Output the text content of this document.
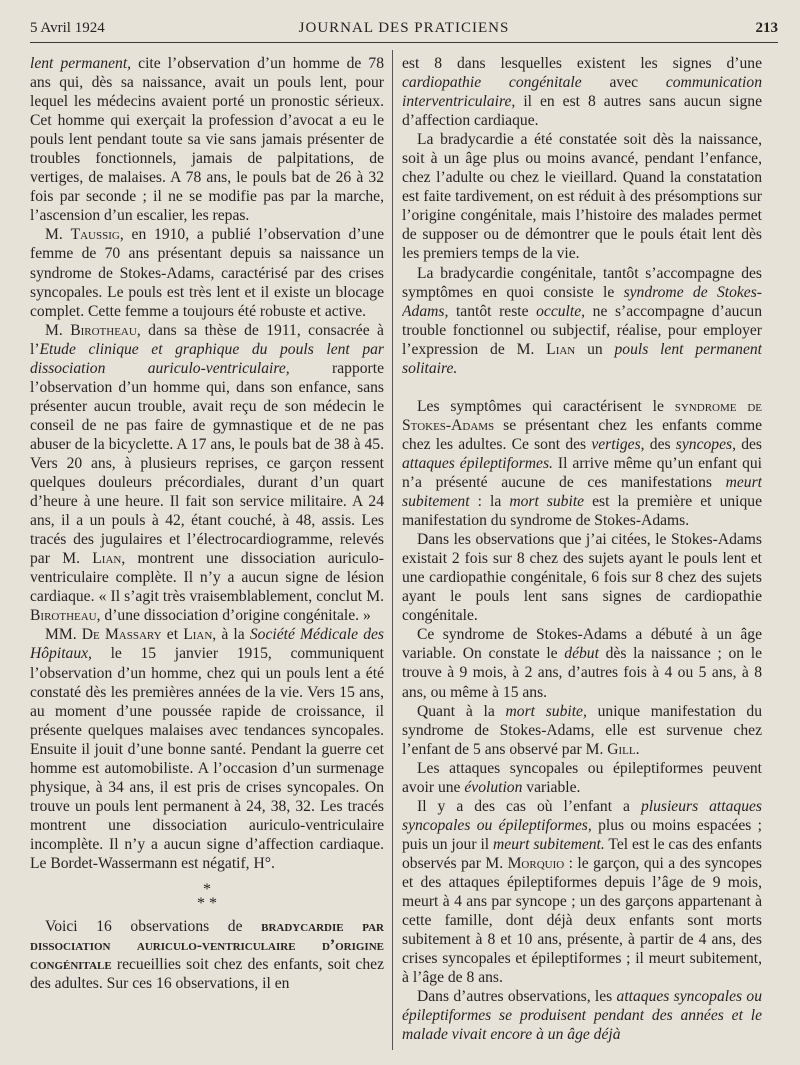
5 Avril 1924	JOURNAL DES PRATICIENS	213

lent permanent, cite l’observation d’un homme de 78 ans qui, dès sa naissance, avait un pouls lent, pour lequel les médecins avaient porté un pronostic sérieux. Cet homme qui exerçait la profession d’avocat a eu le pouls lent pendant toute sa vie sans jamais présenter de troubles fonctionnels, jamais de palpitations, de vertiges, de malaises. A 78 ans, le pouls bat de 26 à 32 fois par seconde ; il ne se modifie pas par la marche, l’ascension d’un escalier, les repas.

M. Taussig, en 1910, a publié l’observation d’une femme de 70 ans présentant depuis sa naissance un syndrome de Stokes-Adams, caractérisé par des crises syncopales. Le pouls est très lent et il existe un blocage complet. Cette femme a toujours été robuste et active.

M. Birotheau, dans sa thèse de 1911, consacrée à l’Etude clinique et graphique du pouls lent par dissociation auriculo-ventriculaire, rapporte l’observation d’un homme qui, dans son enfance, sans présenter aucun trouble, avait reçu de son médecin le conseil de ne pas faire de gymnastique et de ne pas abuser de la bicyclette. A 17 ans, le pouls bat de 38 à 45. Vers 20 ans, à plusieurs reprises, ce garçon ressent quelques douleurs précordiales, durant d’un quart d’heure à une heure. Il fait son service militaire. A 24 ans, il a un pouls à 42, étant couché, à 48, assis. Les tracés des jugulaires et l’électrocardiogramme, relevés par M. Lian, montrent une dissociation auriculo-ventriculaire complète. Il n’y a aucun signe de lésion cardiaque. « Il s’agit très vraisemblablement, conclut M. Birotheau, d’une dissociation d’origine congénitale. »

MM. De Massary et Lian, à la Société Médicale des Hôpitaux, le 15 janvier 1915, communiquent l’observation d’un homme, chez qui un pouls lent a été constaté dès les premières années de la vie. Vers 15 ans, au moment d’une poussée rapide de croissance, il présente quelques malaises avec tendances syncopales. Ensuite il jouit d’une bonne santé. Pendant la guerre cet homme est automobiliste. A l’occasion d’un surmenage physique, à 34 ans, il est pris de crises syncopales. On trouve un pouls lent permanent à 24, 38, 32. Les tracés montrent une dissociation auriculo-ventriculaire incomplète. Il n’y a aucun signe d’affection cardiaque. Le Bordet-Wassermann est négatif, H°.

*
* *

Voici 16 observations de bradycardie par dissociation auriculo-ventriculaire d’origine congénitale recueillies soit chez des enfants, soit chez des adultes. Sur ces 16 observations, il en

est 8 dans lesquelles existent les signes d’une cardiopathie congénitale avec communication interventriculaire, il en est 8 autres sans aucun signe d’affection cardiaque.

La bradycardie a été constatée soit dès la naissance, soit à un âge plus ou moins avancé, pendant l’enfance, chez l’adulte ou chez le vieillard. Quand la constatation est faite tardivement, on est réduit à des présomptions sur l’origine congénitale, mais l’histoire des malades permet de supposer ou de démontrer que le pouls était lent dès les premiers temps de la vie.

La bradycardie congénitale, tantôt s’accompagne des symptômes en quoi consiste le syndrome de Stokes-Adams, tantôt reste occulte, ne s’accompagne d’aucun trouble fonctionnel ou subjectif, réalise, pour employer l’expression de M. Lian un pouls lent permanent solitaire.

Les symptômes qui caractérisent le syndrome de Stokes-Adams se présentant chez les enfants comme chez les adultes. Ce sont des vertiges, des syncopes, des attaques épileptiformes. Il arrive même qu’un enfant qui n’a présenté aucune de ces manifestations meurt subitement : la mort subite est la première et unique manifestation du syndrome de Stokes-Adams.

Dans les observations que j’ai citées, le Stokes-Adams existait 2 fois sur 8 chez des sujets ayant le pouls lent et une cardiopathie congénitale, 6 fois sur 8 chez des sujets ayant le pouls lent sans signes de cardiopathie congénitale.

Ce syndrome de Stokes-Adams a débuté à un âge variable. On constate le début dès la naissance ; on le trouve à 9 mois, à 2 ans, d’autres fois à 4 ou 5 ans, à 8 ans, ou même à 15 ans.

Quant à la mort subite, unique manifestation du syndrome de Stokes-Adams, elle est survenue chez l’enfant de 5 ans observé par M. Gill.

Les attaques syncopales ou épileptiformes peuvent avoir une évolution variable.

Il y a des cas où l’enfant a plusieurs attaques syncopales ou épileptiformes, plus ou moins espacées ; puis un jour il meurt subitement. Tel est le cas des enfants observés par M. Morquio : le garçon, qui a des syncopes et des attaques épileptiformes depuis l’âge de 9 mois, meurt à 4 ans par syncope ; un des garçons appartenant à cette famille, dont déjà deux enfants sont morts subitement à 8 et 10 ans, présente, à partir de 4 ans, des crises syncopales et épileptiformes ; il meurt subitement, à l’âge de 8 ans.

Dans d’autres observations, les attaques syncopales ou épileptiformes se produisent pendant des années et le malade vivait encore à un âge déjà
